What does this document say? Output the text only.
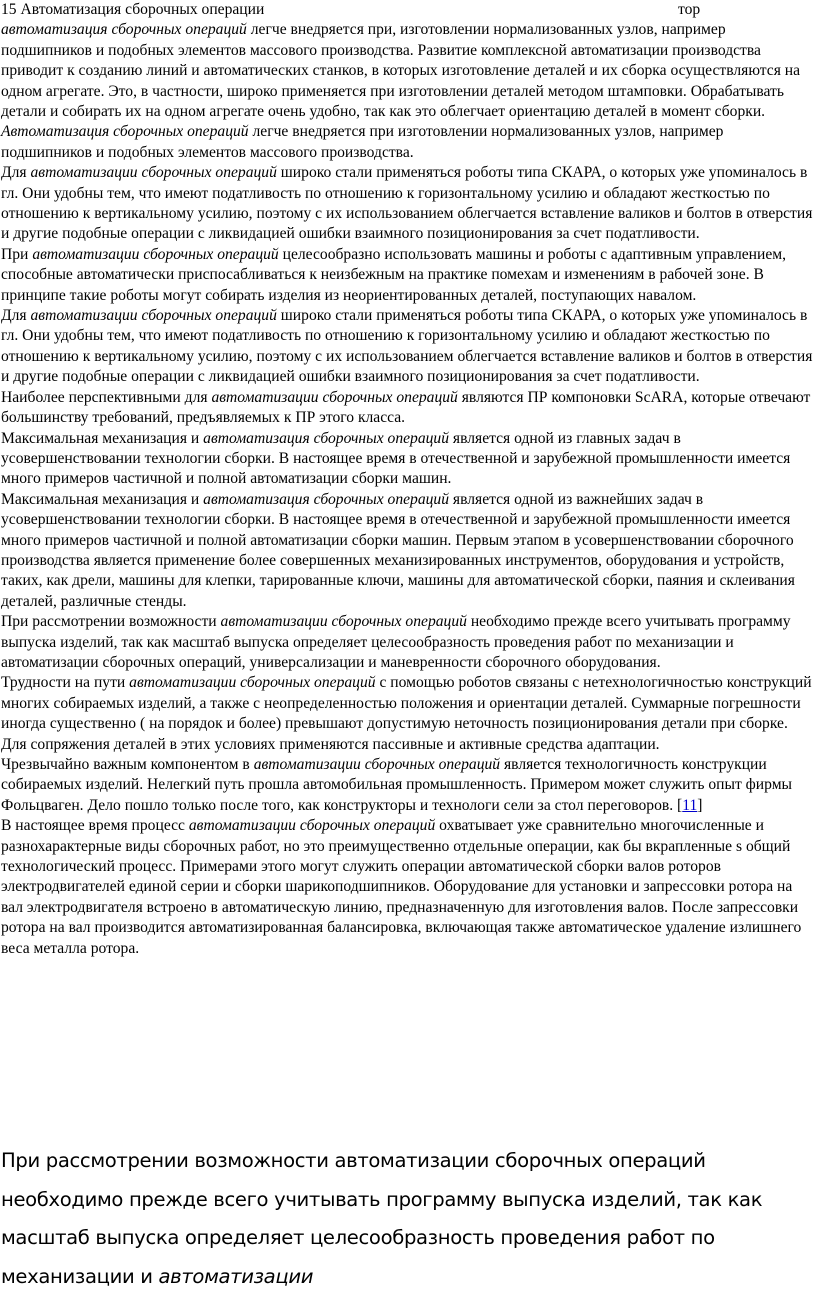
15 Автоматизация сборочных операции	тор

автоматизация сборочных операций легче внедряется при, изготовлении нормализованных узлов, например подшипников и подобных элементов массового производства. Развитие комплексной автоматизации производства приводит к созданию линий и автоматических станков, в которых изготовление деталей и их сборка осуществляются на одном агрегате. Это, в частности, широко применяется при изготовлении деталей методом штамповки. Обрабатывать детали и собирать их на одном агрегате очень удобно, так как это облегчает ориентацию деталей в момент сборки.

Автоматизация сборочных операций легче внедряется при изготовлении нормализованных узлов, например подшипников и подобных элементов массового производства.

Для автоматизации сборочных операций широко стали применяться роботы типа СКАРА, о которых уже упоминалось в гл. Они удобны тем, что имеют податливость по отношению к горизонтальному усилию и обладают жесткостью по отношению к вертикальному усилию, поэтому с их использованием облегчается вставление валиков и болтов в отверстия и другие подобные операции с ликвидацией ошибки взаимного позиционирования за счет податливости.

При автоматизации сборочных операций целесообразно использовать машины и роботы с адаптивным управлением, способные автоматически приспосабливаться к неизбежным на практике помехам и изменениям в рабочей зоне. В принципе такие роботы могут собирать изделия из неориентированных деталей, поступающих навалом.

Для автоматизации сборочных операций широко стали применяться роботы типа СКАРА, о которых уже упоминалось в гл. Они удобны тем, что имеют податливость по отношению к горизонтальному усилию и обладают жесткостью по отношению к вертикальному усилию, поэтому с их использованием облегчается вставление валиков и болтов в отверстия и другие подобные операции с ликвидацией ошибки взаимного позиционирования за счет податливости.

Наиболее перспективными для автоматизации сборочных операций являются ПР компоновки ScARA, которые отвечают большинству требований, предъявляемых к ПР этого класса.

Максимальная механизация и автоматизация сборочных операций является одной из главных задач в усовершенствовании технологии сборки. В настоящее время в отечественной и зарубежной промышленности имеется много примеров частичной и полной автоматизации сборки машин.

Максимальная механизация и автоматизация сборочных операций является одной из важнейших задач в усовершенствовании технологии сборки. В настоящее время в отечественной и зарубежной промышленности имеется много примеров частичной и полной автоматизации сборки машин. Первым этапом в усовершенствовании сборочного производства является применение более совершенных механизированных инструментов, оборудования и устройств, таких, как дрели, машины для клепки, тарированные ключи, машины для автоматической сборки, паяния и склеивания деталей, различные стенды.

При рассмотрении возможности автоматизации сборочных операций необходимо прежде всего учитывать программу выпуска изделий, так как масштаб выпуска определяет целесообразность проведения работ по механизации и автоматизации сборочных операций, универсализации и маневренности сборочного оборудования.

Трудности на пути автоматизации сборочных операций с помощью роботов связаны с нетехнологичностью конструкций многих собираемых изделий, а также с неопределенностью положения и ориентации деталей. Суммарные погрешности иногда существенно ( на порядок и более) превышают допустимую неточность позиционирования детали при сборке. Для сопряжения деталей в этих условиях применяются пассивные и активные средства адаптации.

Чрезвычайно важным компонентом в автоматизации сборочных операций является технологичность конструкции собираемых изделий. Нелегкий путь прошла автомобильная промышленность. Примером может служить опыт фирмы Фольцваген. Дело пошло только после того, как конструкторы и технологи сели за стол переговоров. [11]

В настоящее время процесс автоматизации сборочных операций охватывает уже сравнительно многочисленные и разнохарактерные виды сборочных работ, но это преимущественно отдельные операции, как бы вкрапленные s общий технологический процесс. Примерами этого могут служить операции автоматической сборки валов роторов электродвигателей единой серии и сборки шарикоподшипников. Оборудование для установки и запрессовки ротора на вал электродвигателя встроено в автоматическую линию, предназначенную для изготовления валов. После запрессовки ротора на вал производится автоматизированная балансировка, включающая также автоматическое удаление излишнего веса металла ротора.

При рассмотрении возможности автоматизации сборочных операций необходимо прежде всего учитывать программу выпуска изделий, так как масштаб выпуска определяет целесообразность проведения работ по механизации и автоматизации
